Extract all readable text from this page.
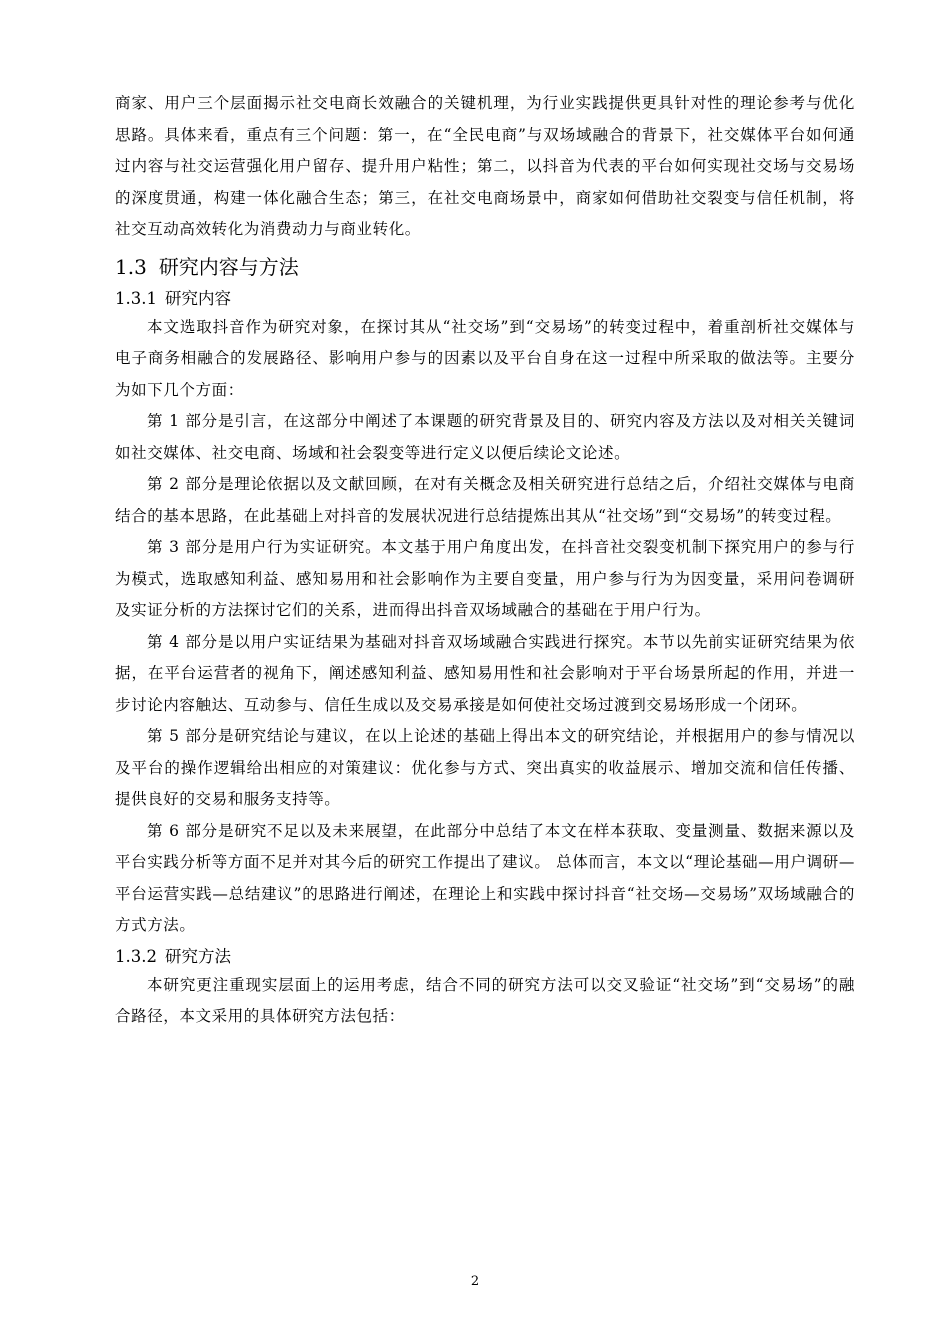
商家、用户三个层面揭示社交电商长效融合的关键机理，为行业实践提供更具针对性的理论参考与优化思路。具体来看，重点有三个问题：第一，在“全民电商”与双场域融合的背景下，社交媒体平台如何通过内容与社交运营强化用户留存、提升用户粘性；第二，以抖音为代表的平台如何实现社交场与交易场的深度贯通，构建一体化融合生态；第三，在社交电商场景中，商家如何借助社交裂变与信任机制，将社交互动高效转化为消费动力与商业转化。

1.3 研究内容与方法
1.3.1 研究内容

本文选取抖音作为研究对象，在探讨其从“社交场”到“交易场”的转变过程中，着重剖析社交媒体与电子商务相融合的发展路径、影响用户参与的因素以及平台自身在这一过程中所采取的做法等。主要分为如下几个方面：

第 1 部分是引言，在这部分中阐述了本课题的研究背景及目的、研究内容及方法以及对相关关键词如社交媒体、社交电商、场域和社会裂变等进行定义以便后续论文论述。

第 2 部分是理论依据以及文献回顾，在对有关概念及相关研究进行总结之后，介绍社交媒体与电商结合的基本思路，在此基础上对抖音的发展状况进行总结提炼出其从“社交场”到“交易场”的转变过程。

第 3 部分是用户行为实证研究。本文基于用户角度出发，在抖音社交裂变机制下探究用户的参与行为模式，选取感知利益、感知易用和社会影响作为主要自变量，用户参与行为为因变量，采用问卷调研及实证分析的方法探讨它们的关系，进而得出抖音双场域融合的基础在于用户行为。

第 4 部分是以用户实证结果为基础对抖音双场域融合实践进行探究。本节以先前实证研究结果为依据，在平台运营者的视角下，阐述感知利益、感知易用性和社会影响对于平台场景所起的作用，并进一步讨论内容触达、互动参与、信任生成以及交易承接是如何使社交场过渡到交易场形成一个闭环。

第 5 部分是研究结论与建议，在以上论述的基础上得出本文的研究结论，并根据用户的参与情况以及平台的操作逻辑给出相应的对策建议：优化参与方式、突出真实的收益展示、增加交流和信任传播、提供良好的交易和服务支持等。

第 6 部分是研究不足以及未来展望，在此部分中总结了本文在样本获取、变量测量、数据来源以及平台实践分析等方面不足并对其今后的研究工作提出了建议。 总体而言，本文以“理论基础—用户调研—平台运营实践—总结建议”的思路进行阐述，在理论上和实践中探讨抖音“社交场—交易场”双场域融合的方式方法。

1.3.2 研究方法

本研究更注重现实层面上的运用考虑，结合不同的研究方法可以交叉验证“社交场”到“交易场”的融合路径，本文采用的具体研究方法包括：

2
